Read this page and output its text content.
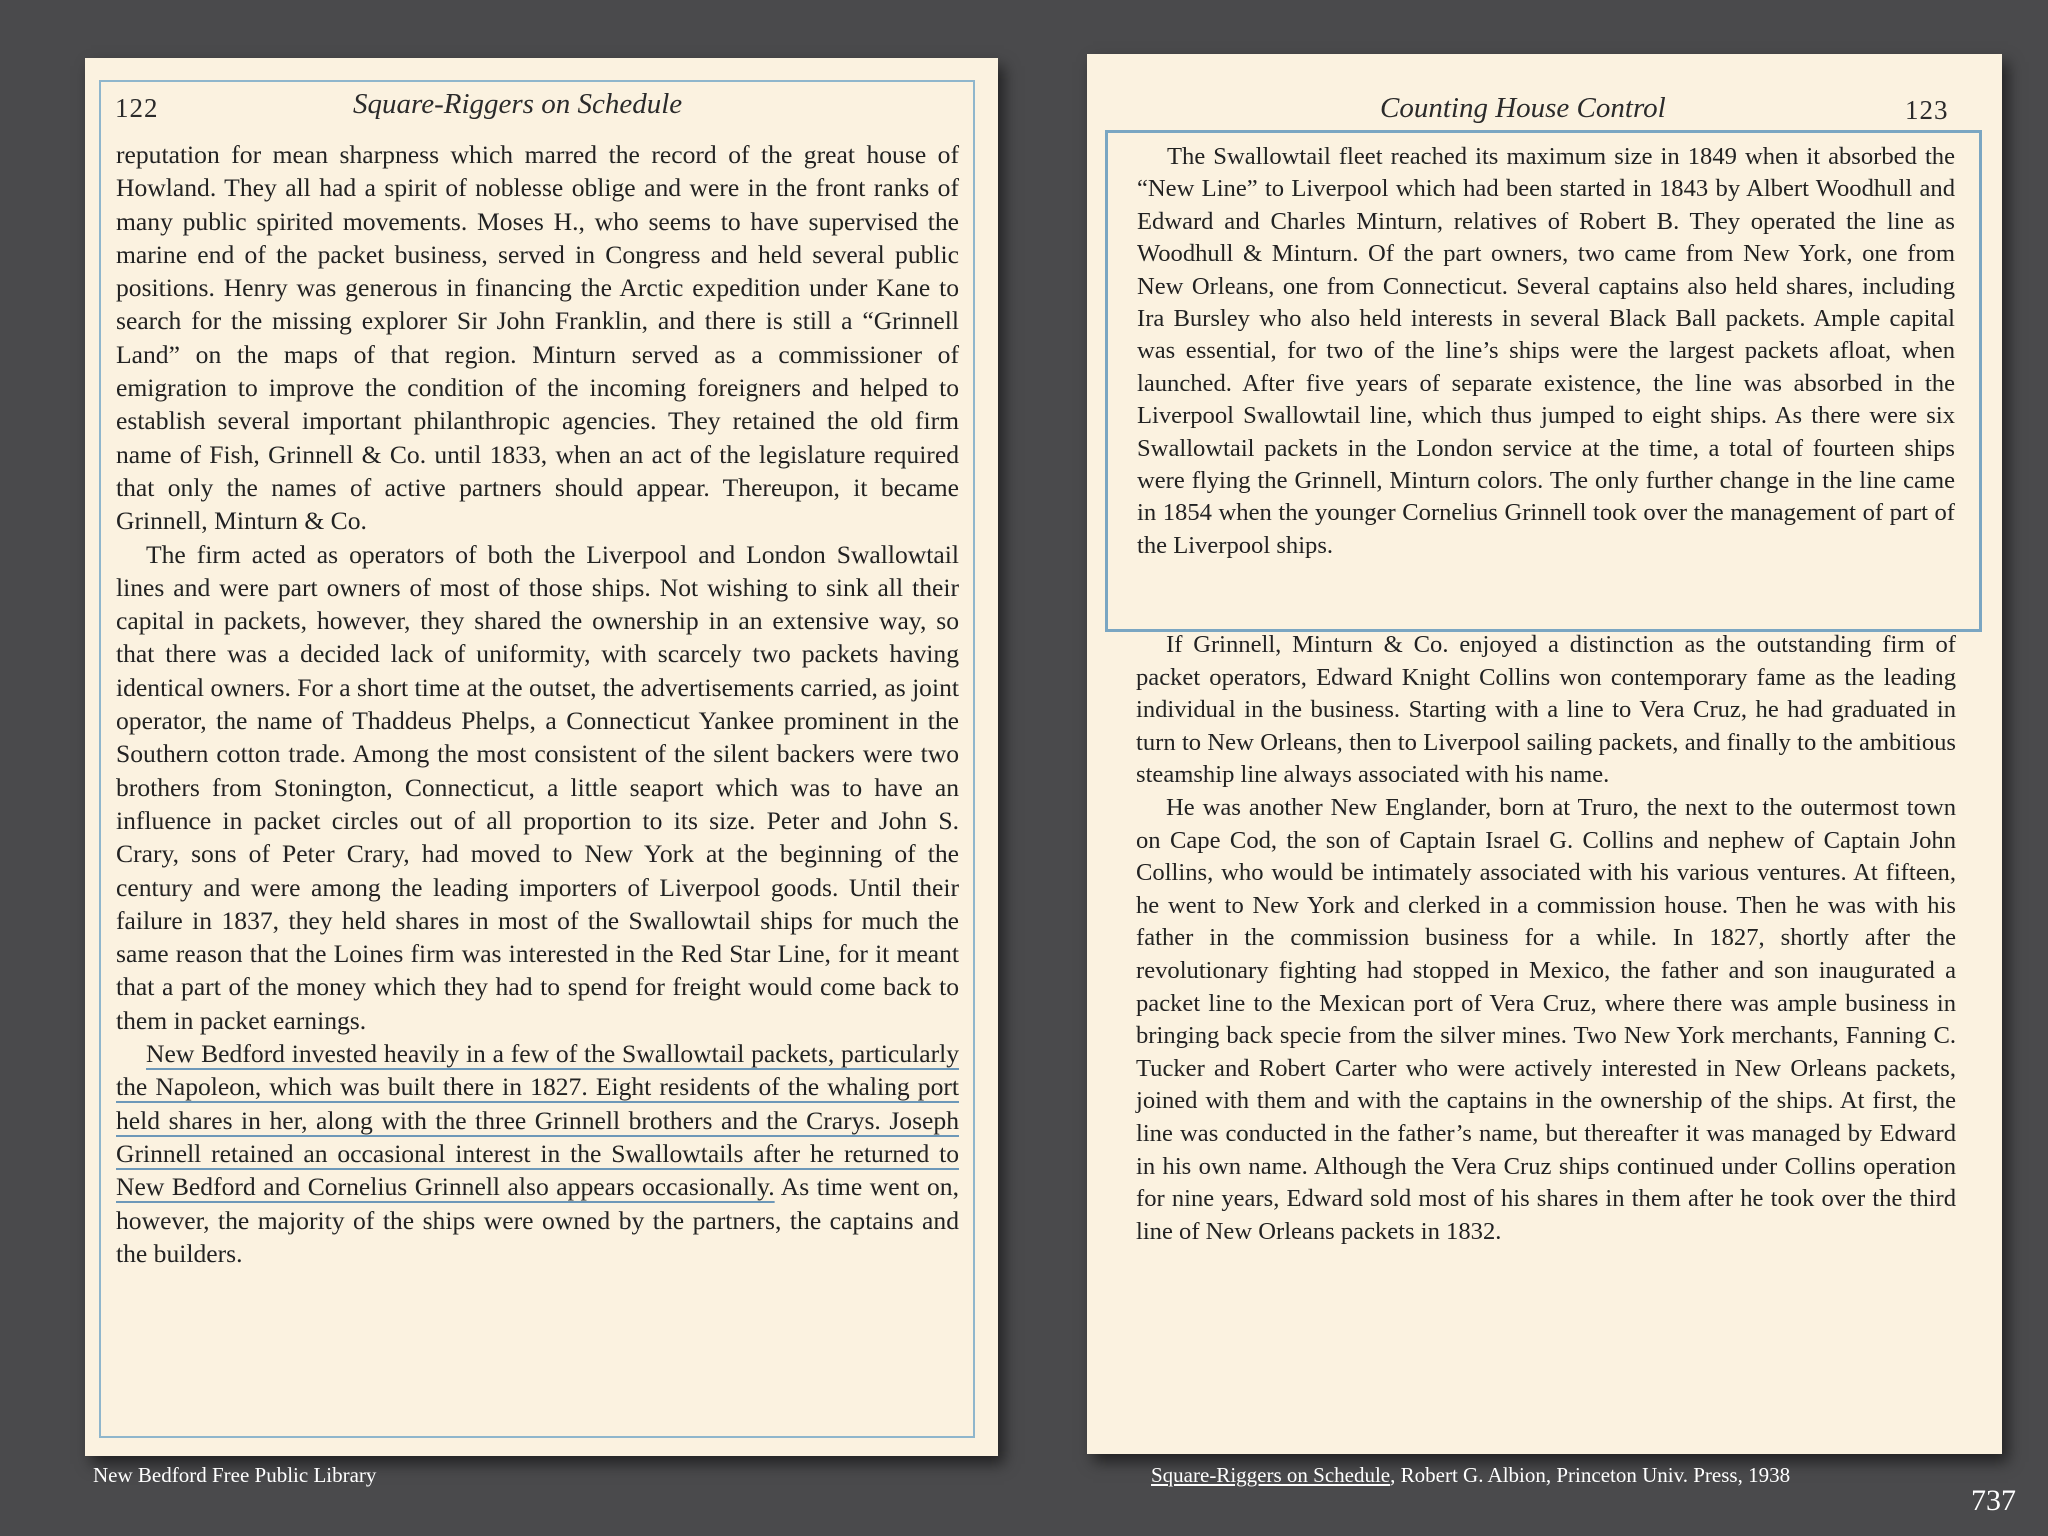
122	Square-Riggers on Schedule

reputation for mean sharpness which marred the record of the great house of Howland. They all had a spirit of noblesse oblige and were in the front ranks of many public spirited movements. Moses H., who seems to have supervised the marine end of the packet business, served in Congress and held several public positions. Henry was generous in financing the Arctic expedition under Kane to search for the missing explorer Sir John Franklin, and there is still a “Grinnell Land” on the maps of that region. Minturn served as a commissioner of emigration to improve the condition of the incoming foreigners and helped to establish several important philanthropic agencies. They retained the old firm name of Fish, Grinnell & Co. until 1833, when an act of the legislature required that only the names of active partners should appear. Thereupon, it became Grinnell, Minturn & Co.

The firm acted as operators of both the Liverpool and London Swallowtail lines and were part owners of most of those ships. Not wishing to sink all their capital in packets, however, they shared the ownership in an extensive way, so that there was a decided lack of uniformity, with scarcely two packets having identical owners. For a short time at the outset, the advertisements carried, as joint operator, the name of Thaddeus Phelps, a Connecticut Yankee prominent in the Southern cotton trade. Among the most consistent of the silent backers were two brothers from Stonington, Connecticut, a little seaport which was to have an influence in packet circles out of all proportion to its size. Peter and John S. Crary, sons of Peter Crary, had moved to New York at the beginning of the century and were among the leading importers of Liverpool goods. Until their failure in 1837, they held shares in most of the Swallowtail ships for much the same reason that the Loines firm was interested in the Red Star Line, for it meant that a part of the money which they had to spend for freight would come back to them in packet earnings.

New Bedford invested heavily in a few of the Swallowtail packets, particularly the Napoleon, which was built there in 1827. Eight residents of the whaling port held shares in her, along with the three Grinnell brothers and the Crarys. Joseph Grinnell retained an occasional interest in the Swallowtails after he returned to New Bedford and Cornelius Grinnell also appears occasionally. As time went on, however, the majority of the ships were owned by the partners, the captains and the builders.

Counting House Control	123

The Swallowtail fleet reached its maximum size in 1849 when it absorbed the “New Line” to Liverpool which had been started in 1843 by Albert Woodhull and Edward and Charles Minturn, relatives of Robert B. They operated the line as Woodhull & Minturn. Of the part owners, two came from New York, one from New Orleans, one from Connecticut. Several captains also held shares, including Ira Bursley who also held interests in several Black Ball packets. Ample capital was essential, for two of the line’s ships were the largest packets afloat, when launched. After five years of separate existence, the line was absorbed in the Liverpool Swallowtail line, which thus jumped to eight ships. As there were six Swallowtail packets in the London service at the time, a total of fourteen ships were flying the Grinnell, Minturn colors. The only further change in the line came in 1854 when the younger Cornelius Grinnell took over the management of part of the Liverpool ships.

If Grinnell, Minturn & Co. enjoyed a distinction as the outstanding firm of packet operators, Edward Knight Collins won contemporary fame as the leading individual in the business. Starting with a line to Vera Cruz, he had graduated in turn to New Orleans, then to Liverpool sailing packets, and finally to the ambitious steamship line always associated with his name.

He was another New Englander, born at Truro, the next to the outermost town on Cape Cod, the son of Captain Israel G. Collins and nephew of Captain John Collins, who would be intimately associated with his various ventures. At fifteen, he went to New York and clerked in a commission house. Then he was with his father in the commission business for a while. In 1827, shortly after the revolutionary fighting had stopped in Mexico, the father and son inaugurated a packet line to the Mexican port of Vera Cruz, where there was ample business in bringing back specie from the silver mines. Two New York merchants, Fanning C. Tucker and Robert Carter who were actively interested in New Orleans packets, joined with them and with the captains in the ownership of the ships. At first, the line was conducted in the father’s name, but thereafter it was managed by Edward in his own name. Although the Vera Cruz ships continued under Collins operation for nine years, Edward sold most of his shares in them after he took over the third line of New Orleans packets in 1832.

New Bedford Free Public Library	Square-Riggers on Schedule, Robert G. Albion, Princeton Univ. Press, 1938
737
